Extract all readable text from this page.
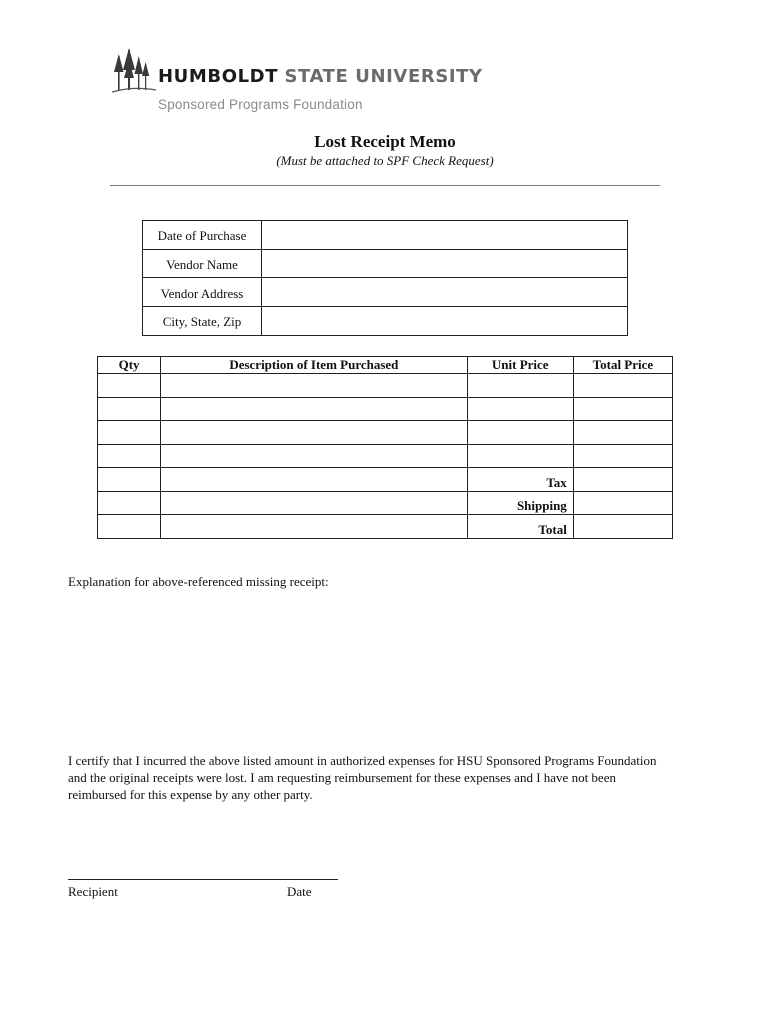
HUMBOLDT STATE UNIVERSITY
Sponsored Programs Foundation
Lost Receipt Memo
(Must be attached to SPF Check Request)
Date of Purchase	
Vendor Name	
Vendor Address	
City, State, Zip	
Qty	Description of Item Purchased	Unit Price	Total Price

		Tax	
		Shipping	
		Total	
Explanation for above-referenced missing receipt:
I certify that I incurred the above listed amount in authorized expenses for HSU Sponsored Programs Foundation and the original receipts were lost. I am requesting reimbursement for these expenses and I have not been reimbursed for this expense by any other party.
Recipient	Date
